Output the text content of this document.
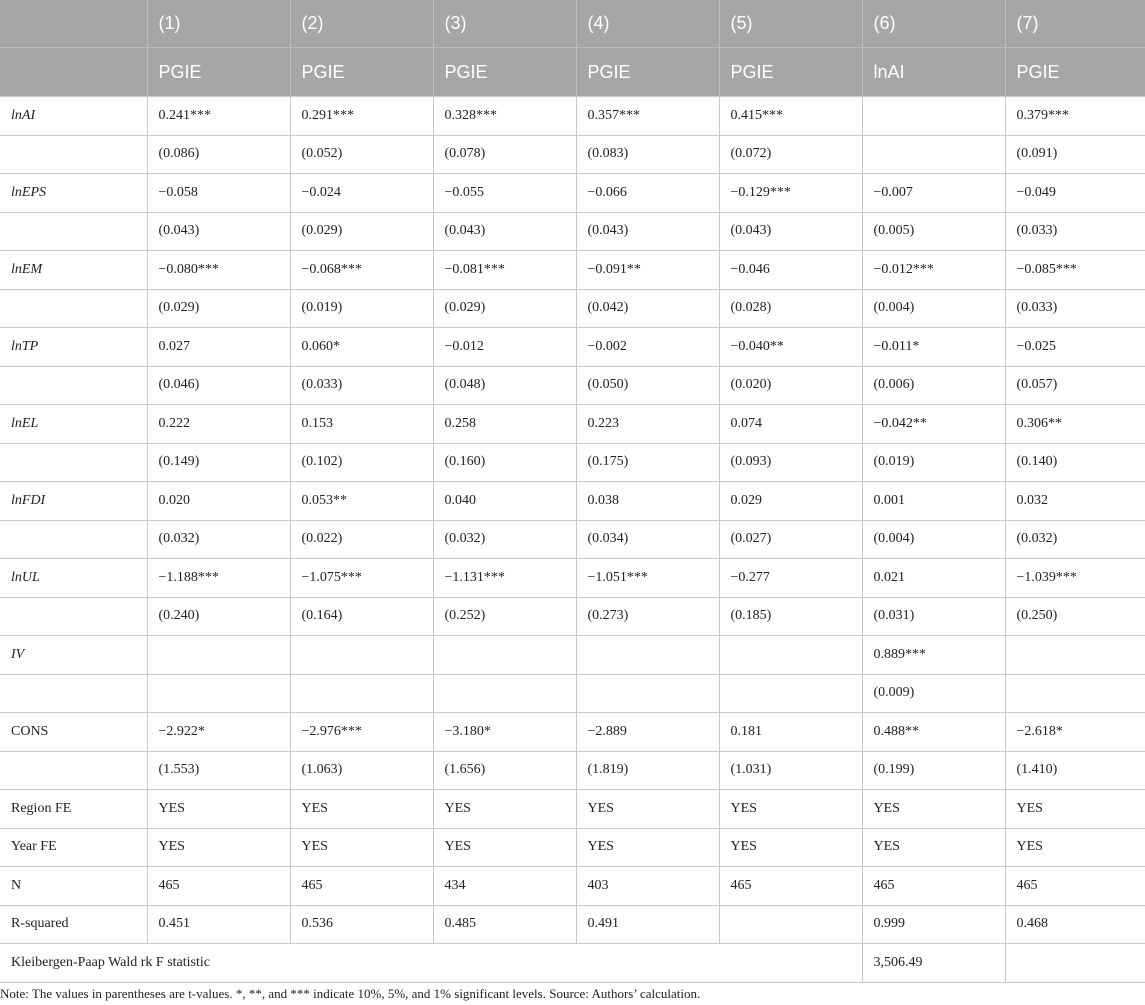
	(1)	(2)	(3)	(4)	(5)	(6)	(7)
	PGIE	PGIE	PGIE	PGIE	PGIE	lnAI	PGIE
lnAI	0.241***	0.291***	0.328***	0.357***	0.415***		0.379***
	(0.086)	(0.052)	(0.078)	(0.083)	(0.072)		(0.091)
lnEPS	−0.058	−0.024	−0.055	−0.066	−0.129***	−0.007	−0.049
	(0.043)	(0.029)	(0.043)	(0.043)	(0.043)	(0.005)	(0.033)
lnEM	−0.080***	−0.068***	−0.081***	−0.091**	−0.046	−0.012***	−0.085***
	(0.029)	(0.019)	(0.029)	(0.042)	(0.028)	(0.004)	(0.033)
lnTP	0.027	0.060*	−0.012	−0.002	−0.040**	−0.011*	−0.025
	(0.046)	(0.033)	(0.048)	(0.050)	(0.020)	(0.006)	(0.057)
lnEL	0.222	0.153	0.258	0.223	0.074	−0.042**	0.306**
	(0.149)	(0.102)	(0.160)	(0.175)	(0.093)	(0.019)	(0.140)
lnFDI	0.020	0.053**	0.040	0.038	0.029	0.001	0.032
	(0.032)	(0.022)	(0.032)	(0.034)	(0.027)	(0.004)	(0.032)
lnUL	−1.188***	−1.075***	−1.131***	−1.051***	−0.277	0.021	−1.039***
	(0.240)	(0.164)	(0.252)	(0.273)	(0.185)	(0.031)	(0.250)
IV						0.889***	
						(0.009)	
CONS	−2.922*	−2.976***	−3.180*	−2.889	0.181	0.488**	−2.618*
	(1.553)	(1.063)	(1.656)	(1.819)	(1.031)	(0.199)	(1.410)
Region FE	YES	YES	YES	YES	YES	YES	YES
Year FE	YES	YES	YES	YES	YES	YES	YES
N	465	465	434	403	465	465	465
R-squared	0.451	0.536	0.485	0.491		0.999	0.468
Kleibergen-Paap Wald rk F statistic						3,506.49	
Note: The values in parentheses are t-values. *, **, and *** indicate 10%, 5%, and 1% significant levels. Source: Authors’ calculation.
